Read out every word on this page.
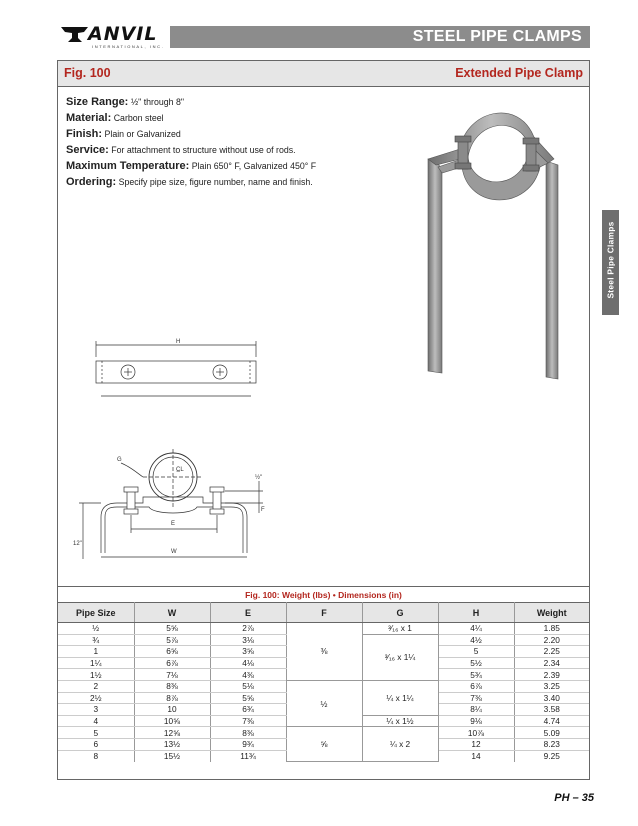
ANVIL
INTERNATIONAL, INC.
STEEL PIPE CLAMPS
Fig. 100	Extended Pipe Clamp
Size Range: ½" through 8"
Material: Carbon steel
Finish: Plain or Galvanized
Service: For attachment to structure without use of rods.
Maximum Temperature: Plain 650° F, Galvanized 450° F
Ordering: Specify pipe size, figure number, name and finish.
H
G
C̲L
½"
F
E
W
12"
Fig. 100: Weight (lbs) • Dimensions (in)
Pipe Size	W	E	F	G	H	Weight
½	5⅝	2⅞	⅜	³⁄₁₆ x 1	4¼	1.85
¾	5⅞	3⅛		³⁄₁₆ x 1¼	4½	2.20
1	6⅝	3⅝			5	2.25
1¼	6⅞	4⅛			5½	2.34
1½	7⅛	4⅜			5¾	2.39
2	8⅜	5⅛	½	¼ x 1¼	6⅞	3.25
2½	8⅞	5⅝			7⅜	3.40
3	10	6¾			8¼	3.58
4	10⅝	7⅜		¼ x 1½	9⅛	4.74
5	12⅝	8⅜	⅝	¼ x 2	10⅞	5.09
6	13½	9¾			12	8.23
8	15½	11¾			14	9.25
Steel Pipe Clamps
PH – 35
